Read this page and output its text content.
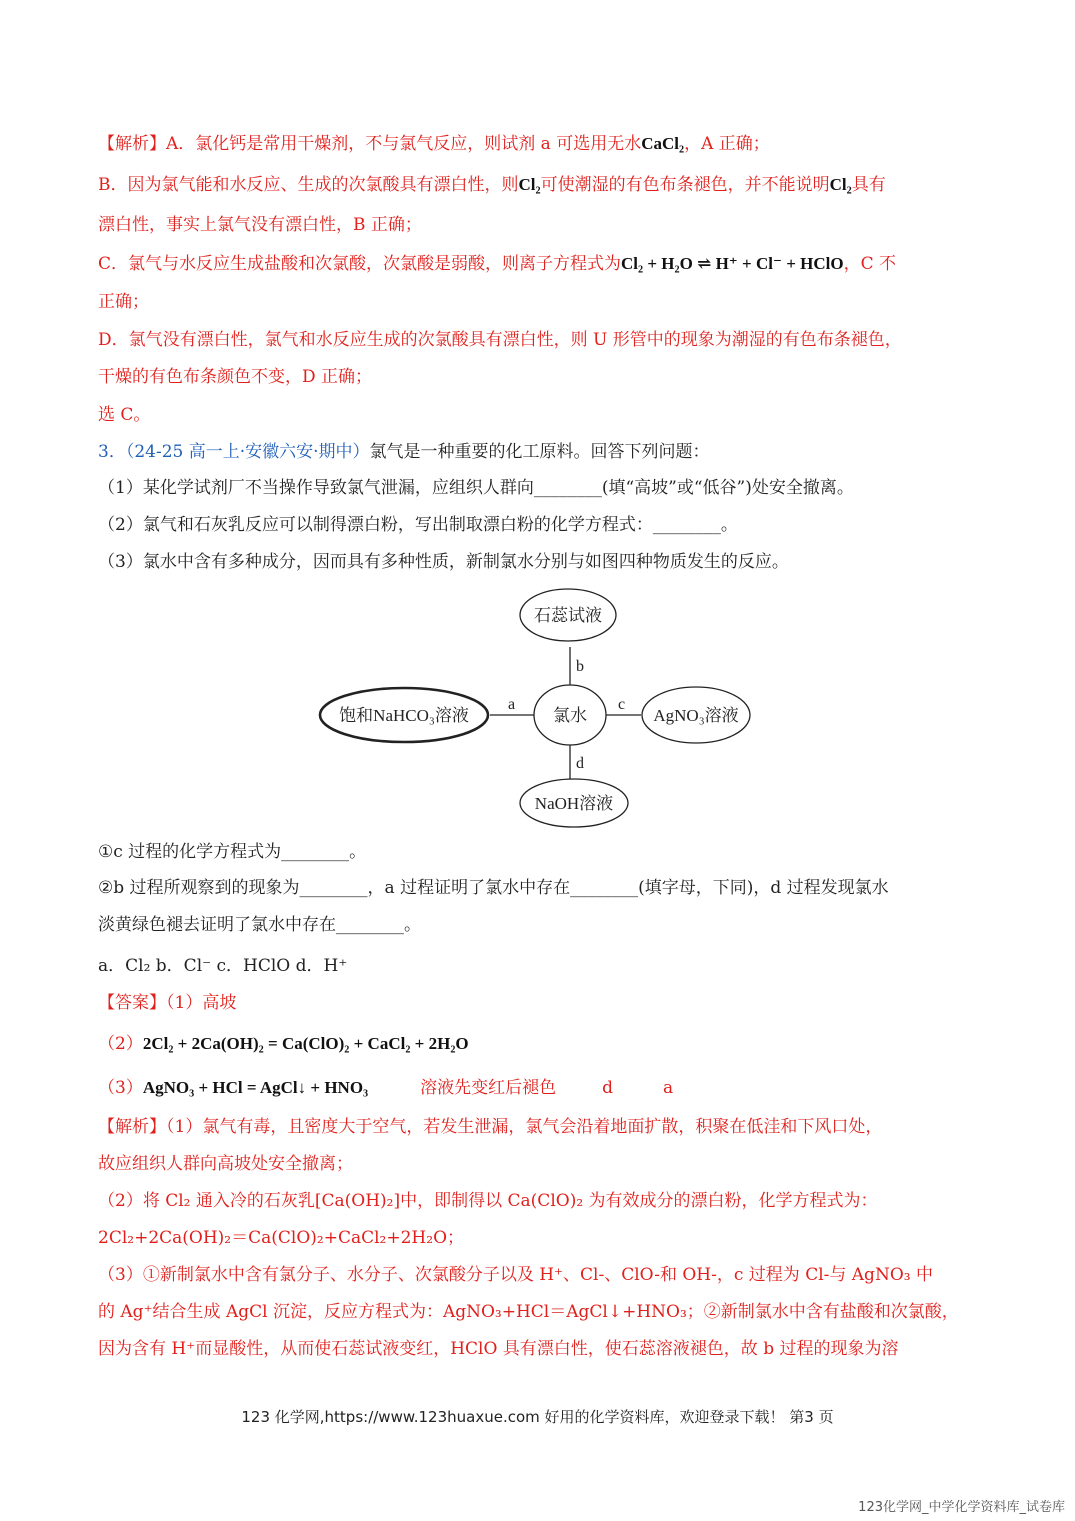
【解析】A．氯化钙是常用干燥剂，不与氯气反应，则试剂 a 可选用无水CaCl₂，A 正确；
B．因为氯气能和水反应、生成的次氯酸具有漂白性，则Cl₂可使潮湿的有色布条褪色，并不能说明Cl₂具有
漂白性，事实上氯气没有漂白性，B 正确；
C．氯气与水反应生成盐酸和次氯酸，次氯酸是弱酸，则离子方程式为Cl₂ + H₂O ⇌ H⁺ + Cl⁻ + HClO，C 不
正确；
D．氯气没有漂白性，氯气和水反应生成的次氯酸具有漂白性，则 U 形管中的现象为潮湿的有色布条褪色，
干燥的有色布条颜色不变，D 正确；
选 C。
3．（24-25 高一上·安徽六安·期中）氯气是一种重要的化工原料。回答下列问题：
（1）某化学试剂厂不当操作导致氯气泄漏，应组织人群向________(填“高坡”或“低谷”)处安全撤离。
（2）氯气和石灰乳反应可以制得漂白粉，写出制取漂白粉的化学方程式：________。
（3）氯水中含有多种成分，因而具有多种性质，新制氯水分别与如图四种物质发生的反应。
石蕊试液
氯水
饱和NaHCO₃溶液	AgNO₃溶液
NaOH溶液
b
a	c
d
①c 过程的化学方程式为________。
②b 过程所观察到的现象为________，a 过程证明了氯水中存在________(填字母，下同)，d 过程发现氯水
淡黄绿色褪去证明了氯水中存在________。
a．Cl₂ b．Cl⁻ c．HClO d．H⁺
【答案】（1）高坡
（2）2Cl₂ + 2Ca(OH)₂ = Ca(ClO)₂ + CaCl₂ + 2H₂O
（3）AgNO₃ + HCl = AgCl↓ + HNO₃	溶液先变红后褪色	d	a
【解析】（1）氯气有毒，且密度大于空气，若发生泄漏，氯气会沿着地面扩散，积聚在低洼和下风口处，
故应组织人群向高坡处安全撤离；
（2）将 Cl₂ 通入冷的石灰乳[Ca(OH)₂]中，即制得以 Ca(ClO)₂ 为有效成分的漂白粉，化学方程式为：
2Cl₂+2Ca(OH)₂＝Ca(ClO)₂+CaCl₂+2H₂O；
（3）①新制氯水中含有氯分子、水分子、次氯酸分子以及 H⁺、Cl-、ClO-和 OH-，c 过程为 Cl-与 AgNO₃ 中
的 Ag⁺结合生成 AgCl 沉淀，反应方程式为：AgNO₃+HCl＝AgCl↓+HNO₃；②新制氯水中含有盐酸和次氯酸，
因为含有 H⁺而显酸性，从而使石蕊试液变红，HClO 具有漂白性，使石蕊溶液褪色，故 b 过程的现象为溶
123 化学网,https://www.123huaxue.com 好用的化学资料库，欢迎登录下载！ 第3 页
123化学网_中学化学资料库_试卷库
